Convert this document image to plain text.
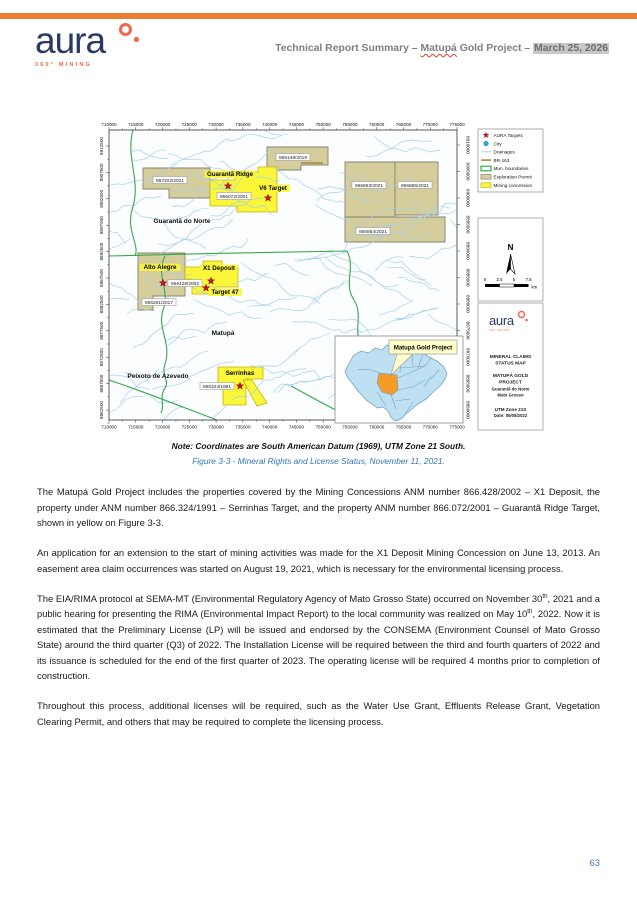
aura
360° MINING
Technical Report Summary – Matupá Gold Project – March 25, 2026
867202/2021
866149/2019
866863/2021	866865/2021
866864/2021
866261/2017
866072/2001
866428/2002
866324/1991
Guarantã do Norte
Matupá
Peixoto de Azevedo
Guarantã Ridge
V6 Target
X1 Deposit
Target 47
Alto Alegre
Serrinhas
710000 715000 720000 725000 730000 735000 740000 745000 750000 755000 760000 765000 770000 775000
710000 715000 720000 725000 730000 735000 740000 745000 750000 755000 760000 765000 770000 775000
8912500
8907500
8902500
8897500
8892500
8887500
8882500
8877500
8872500
8867500
8862500
8910000
8905000
8900000
8895000
8890000
8885000
8880000
8875000
8870000
8865000
8860000
AURA Targets
City
Drainages
BR-163
Mun. boundaries
Exploration Permit
Mining concession
N
0 2.5 5 7.5
km
aura
360° MINING
MINERAL CLAIMS
STATUS MAP
MATUPÁ GOLD
PROJECT
Guarantã do Norte
Mato Grosso
UTM Zone 21S
Date: 06/08/2022
Matupá Gold Project
Note: Coordinates are South American Datum (1969), UTM Zone 21 South.
Figure 3-3 - Mineral Rights and License Status, November 11, 2021.

The Matupá Gold Project includes the properties covered by the Mining Concessions ANM number 866.428/2002 – X1 Deposit, the property under ANM number 866.324/1991 – Serrinhas Target, and the property ANM number 866.072/2001 – Guarantã Ridge Target, shown in yellow on Figure 3-3.

An application for an extension to the start of mining activities was made for the X1 Deposit Mining Concession on June 13, 2013. An easement area claim occurrences was started on August 19, 2021, which is necessary for the environmental licensing process.

The EIA/RIMA protocol at SEMA-MT (Environmental Regulatory Agency of Mato Grosso State) occurred on November 30th, 2021 and a public hearing for presenting the RIMA (Environmental Impact Report) to the local community was realized on May 10th, 2022. Now it is estimated that the Preliminary License (LP) will be issued and endorsed by the CONSEMA (Environment Counsel of Mato Grosso State) around the third quarter (Q3) of 2022. The Installation License will be required between the third and fourth quarters of 2022 and its issuance is scheduled for the end of the first quarter of 2023. The operating license will be required 4 months prior to completion of construction.

Throughout this process, additional licenses will be required, such as the Water Use Grant, Effluents Release Grant, Vegetation Clearing Permit, and others that may be required to complete the licensing process.

63
